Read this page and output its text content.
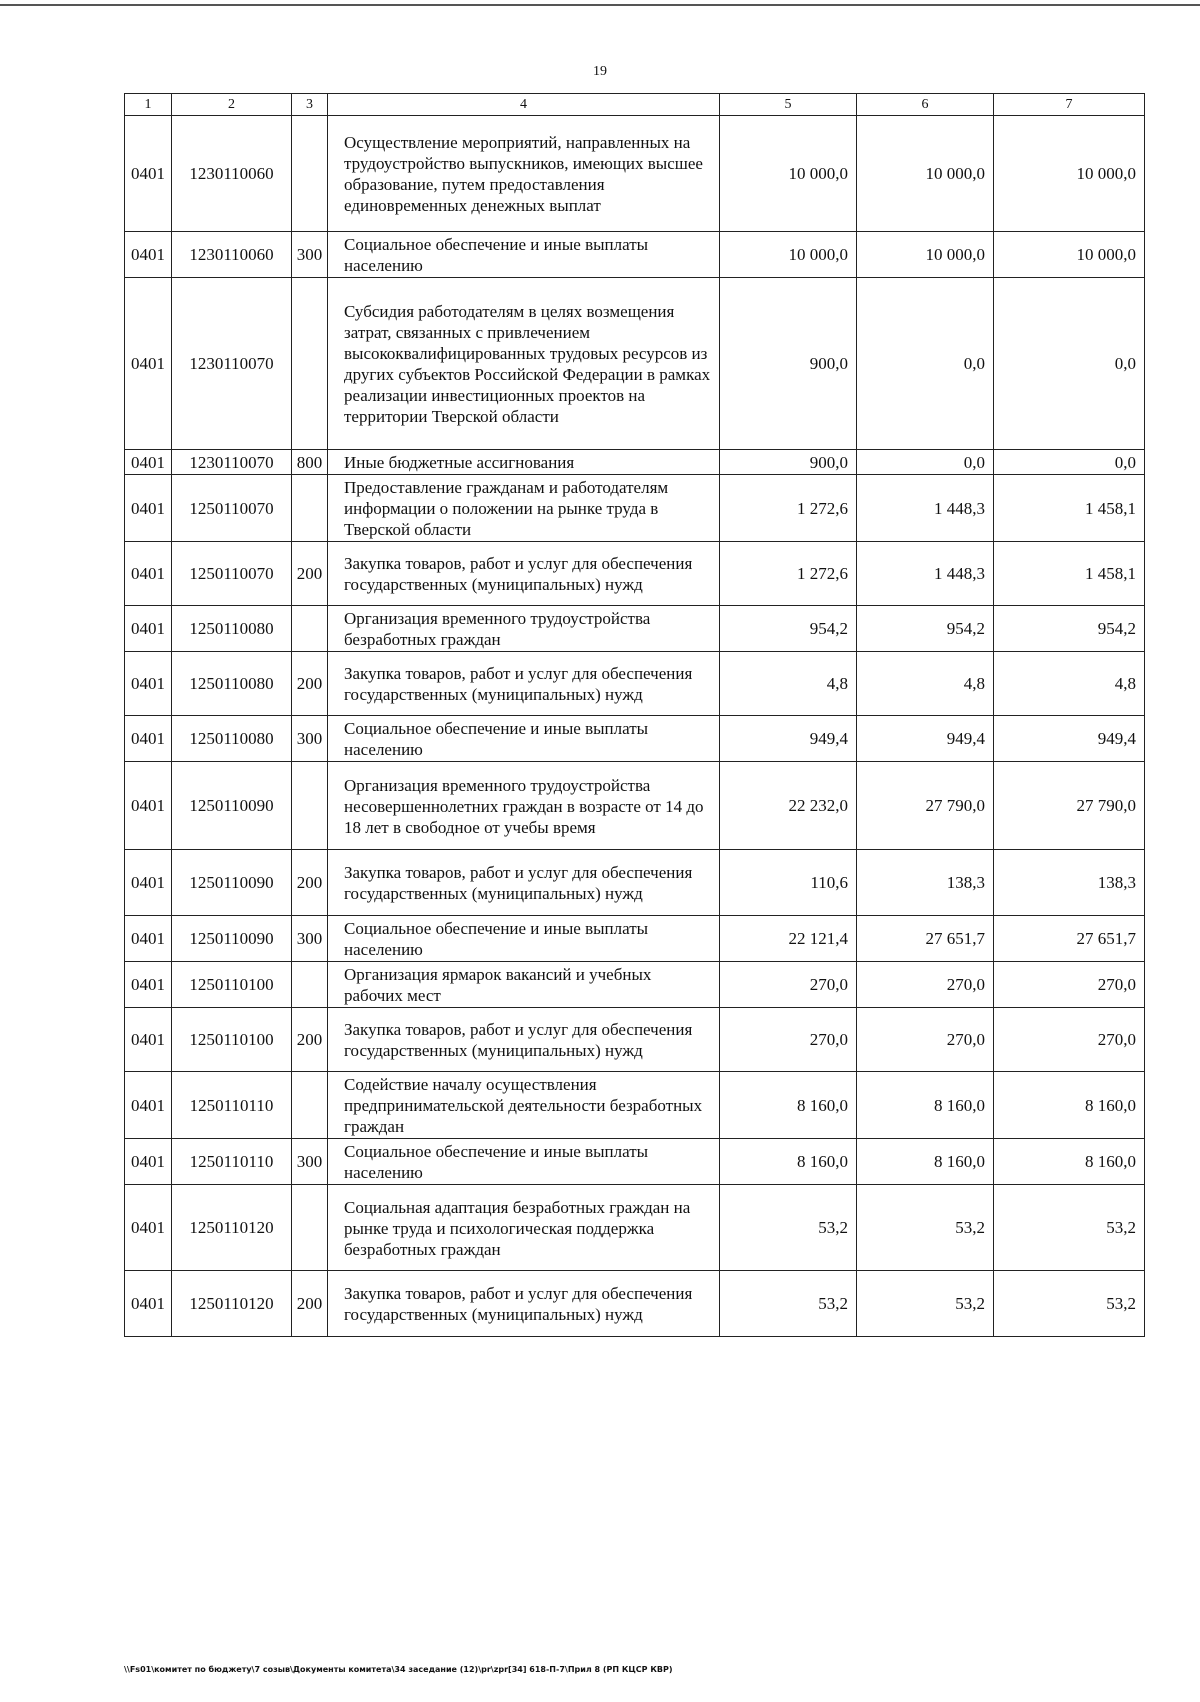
19
1	2	3	4	5	6	7
0401	1230110060		Осуществление мероприятий, направленных на трудоустройство выпускников, имеющих высшее образование, путем предоставления единовременных денежных выплат	10 000,0	10 000,0	10 000,0
0401	1230110060	300	Социальное обеспечение и иные выплаты населению	10 000,0	10 000,0	10 000,0
0401	1230110070		Субсидия работодателям в целях возмещения затрат, связанных с привлечением высококвалифицированных трудовых ресурсов из других субъектов Российской Федерации в рамках реализации инвестиционных проектов на территории Тверской области	900,0	0,0	0,0
0401	1230110070	800	Иные бюджетные ассигнования	900,0	0,0	0,0
0401	1250110070		Предоставление гражданам и работодателям информации о положении на рынке труда в Тверской области	1 272,6	1 448,3	1 458,1
0401	1250110070	200	Закупка товаров, работ и услуг для обеспечения государственных (муниципальных) нужд	1 272,6	1 448,3	1 458,1
0401	1250110080		Организация временного трудоустройства безработных граждан	954,2	954,2	954,2
0401	1250110080	200	Закупка товаров, работ и услуг для обеспечения государственных (муниципальных) нужд	4,8	4,8	4,8
0401	1250110080	300	Социальное обеспечение и иные выплаты населению	949,4	949,4	949,4
0401	1250110090		Организация временного трудоустройства несовершеннолетних граждан в возрасте от 14 до 18 лет в свободное от учебы время	22 232,0	27 790,0	27 790,0
0401	1250110090	200	Закупка товаров, работ и услуг для обеспечения государственных (муниципальных) нужд	110,6	138,3	138,3
0401	1250110090	300	Социальное обеспечение и иные выплаты населению	22 121,4	27 651,7	27 651,7
0401	1250110100		Организация ярмарок вакансий и учебных рабочих мест	270,0	270,0	270,0
0401	1250110100	200	Закупка товаров, работ и услуг для обеспечения государственных (муниципальных) нужд	270,0	270,0	270,0
0401	1250110110		Содействие началу осуществления предпринимательской деятельности безработных граждан	8 160,0	8 160,0	8 160,0
0401	1250110110	300	Социальное обеспечение и иные выплаты населению	8 160,0	8 160,0	8 160,0
0401	1250110120		Социальная адаптация безработных граждан на рынке труда и психологическая поддержка безработных граждан	53,2	53,2	53,2
0401	1250110120	200	Закупка товаров, работ и услуг для обеспечения государственных (муниципальных) нужд	53,2	53,2	53,2
\\Fs01\комитет по бюджету\7 созыв\Документы комитета\34 заседание (12)\pr\zpr[34] 618-П-7\Прил 8 (РП КЦСР КВР)
